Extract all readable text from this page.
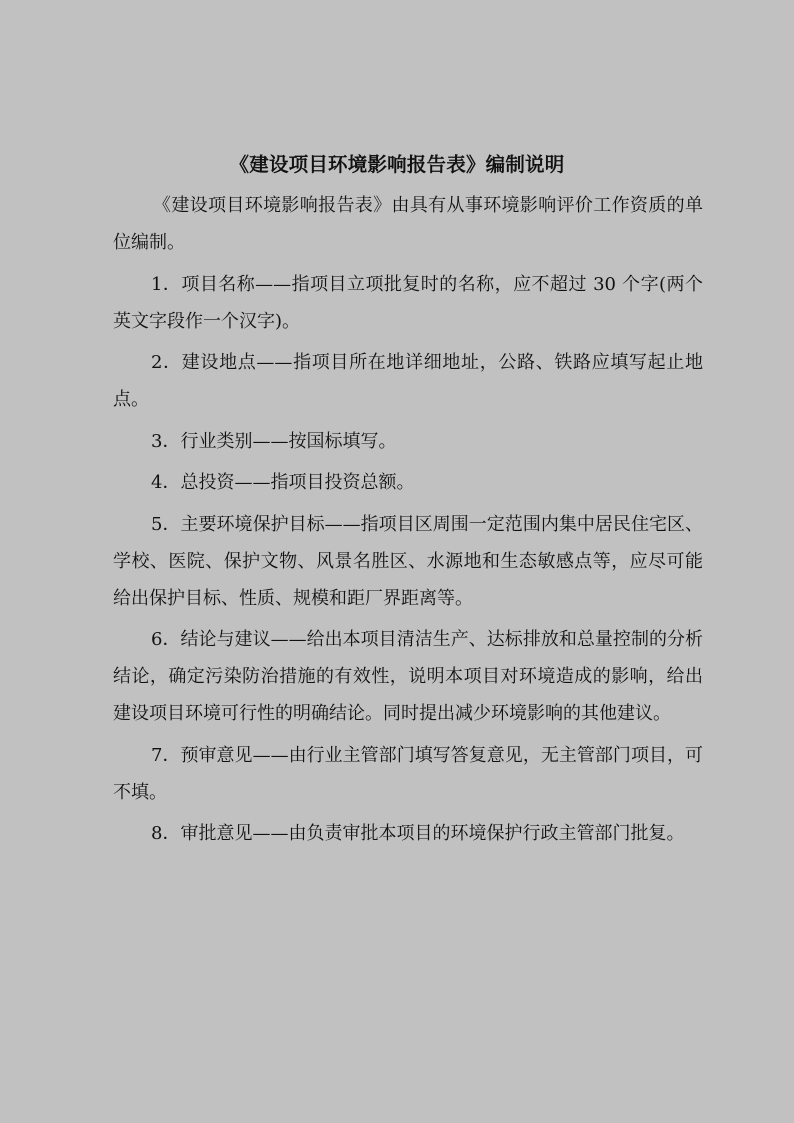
《建设项目环境影响报告表》编制说明

《建设项目环境影响报告表》由具有从事环境影响评价工作资质的单位编制。

1．项目名称——指项目立项批复时的名称，应不超过 30 个字(两个英文字段作一个汉字)。

2．建设地点——指项目所在地详细地址，公路、铁路应填写起止地点。

3．行业类别——按国标填写。

4．总投资——指项目投资总额。

5．主要环境保护目标——指项目区周围一定范围内集中居民住宅区、学校、医院、保护文物、风景名胜区、水源地和生态敏感点等，应尽可能给出保护目标、性质、规模和距厂界距离等。

6．结论与建议——给出本项目清洁生产、达标排放和总量控制的分析结论，确定污染防治措施的有效性，说明本项目对环境造成的影响，给出建设项目环境可行性的明确结论。同时提出减少环境影响的其他建议。

7．预审意见——由行业主管部门填写答复意见，无主管部门项目，可不填。

8．审批意见——由负责审批本项目的环境保护行政主管部门批复。
